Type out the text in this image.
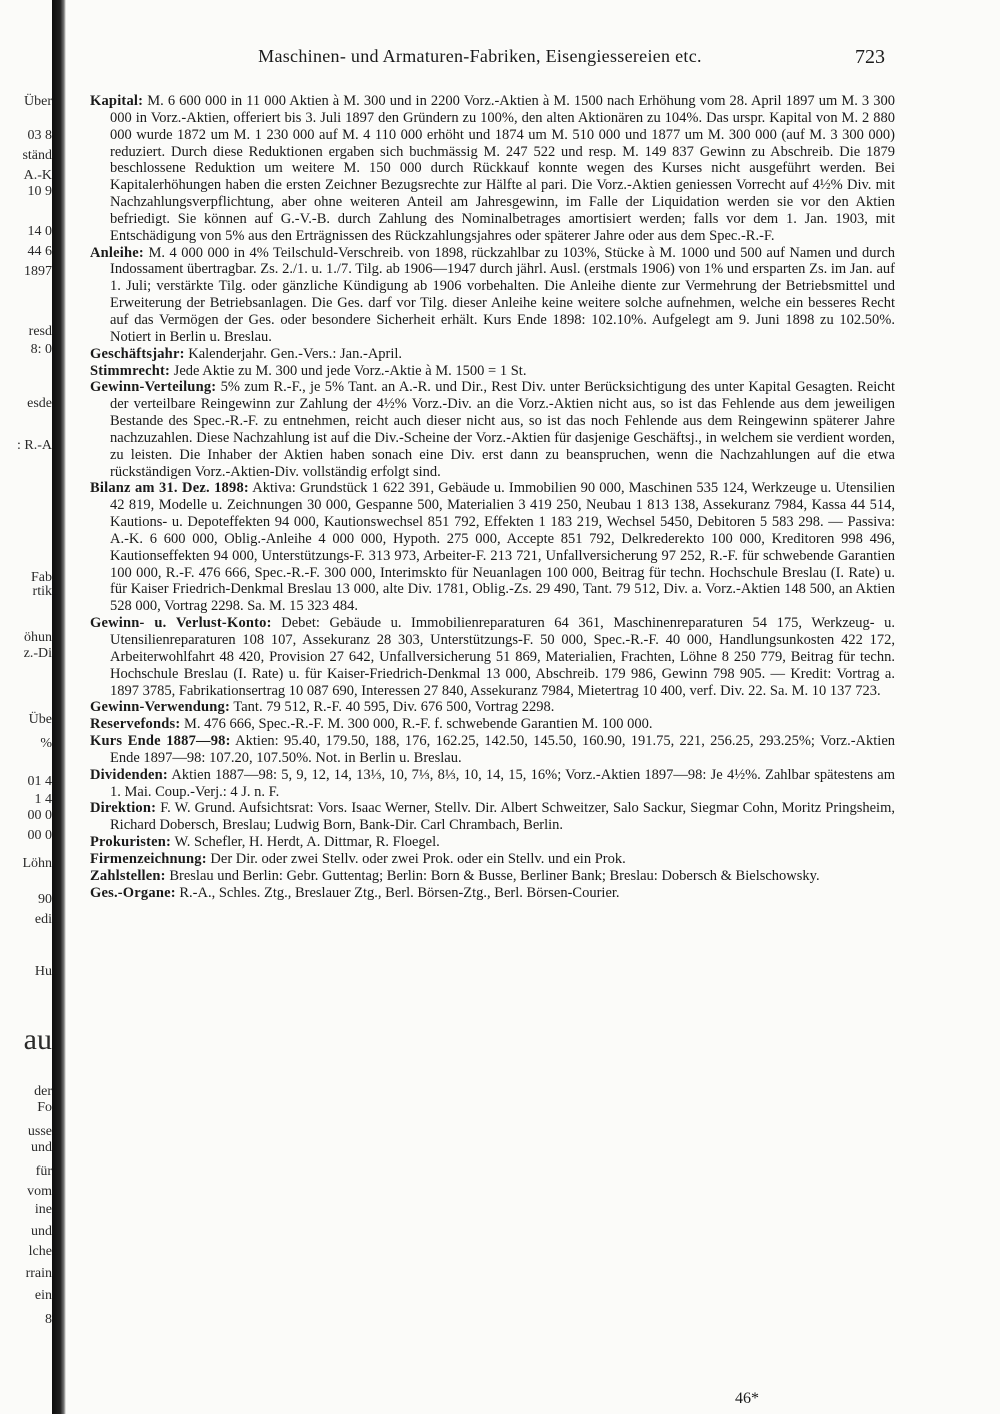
Maschinen- und Armaturen-Fabriken, Eisengiessereien etc.	723
Über
03 8
ständ
A.-K
10 9
14 0
44 6
1897
resd
8: 0
esde
: R.-A
Fab
rtik
öhun
z.-Di
Übe
%
01 4
1 4
00 0
00 0
Löhn
90
edi
Hu
au
der
Fo
usse
und
für
vom
ine
und
lche
rrain
ein
8

Kapital: M. 6 600 000 in 11 000 Aktien à M. 300 und in 2200 Vorz.-Aktien à M. 1500 nach Erhöhung vom 28. April 1897 um M. 3 300 000 in Vorz.-Aktien, offeriert bis 3. Juli 1897 den Gründern zu 100%, den alten Aktionären zu 104%. Das urspr. Kapital von M. 2 880 000 wurde 1872 um M. 1 230 000 auf M. 4 110 000 erhöht und 1874 um M. 510 000 und 1877 um M. 300 000 (auf M. 3 300 000) reduziert. Durch diese Reduktionen ergaben sich buchmässig M. 247 522 und resp. M. 149 837 Gewinn zu Abschreib. Die 1879 beschlossene Reduktion um weitere M. 150 000 durch Rückkauf konnte wegen des Kurses nicht ausgeführt werden. Bei Kapitalerhöhungen haben die ersten Zeichner Bezugsrechte zur Hälfte al pari. Die Vorz.-Aktien geniessen Vorrecht auf 4½% Div. mit Nachzahlungsverpflichtung, aber ohne weiteren Anteil am Jahresgewinn, im Falle der Liquidation werden sie vor den Aktien befriedigt. Sie können auf G.-V.-B. durch Zahlung des Nominalbetrages amortisiert werden; falls vor dem 1. Jan. 1903, mit Entschädigung von 5% aus den Erträgnissen des Rückzahlungsjahres oder späterer Jahre oder aus dem Spec.-R.-F.

Anleihe: M. 4 000 000 in 4% Teilschuld-Verschreib. von 1898, rückzahlbar zu 103%, Stücke à M. 1000 und 500 auf Namen und durch Indossament übertragbar. Zs. 2./1. u. 1./7. Tilg. ab 1906—1947 durch jährl. Ausl. (erstmals 1906) von 1% und ersparten Zs. im Jan. auf 1. Juli; verstärkte Tilg. oder gänzliche Kündigung ab 1906 vorbehalten. Die Anleihe diente zur Vermehrung der Betriebsmittel und Erweiterung der Betriebsanlagen. Die Ges. darf vor Tilg. dieser Anleihe keine weitere solche aufnehmen, welche ein besseres Recht auf das Vermögen der Ges. oder besondere Sicherheit erhält. Kurs Ende 1898: 102.10%. Aufgelegt am 9. Juni 1898 zu 102.50%. Notiert in Berlin u. Breslau.

Geschäftsjahr: Kalenderjahr. Gen.-Vers.: Jan.-April.

Stimmrecht: Jede Aktie zu M. 300 und jede Vorz.-Aktie à M. 1500 = 1 St.

Gewinn-Verteilung: 5% zum R.-F., je 5% Tant. an A.-R. und Dir., Rest Div. unter Berücksichtigung des unter Kapital Gesagten. Reicht der verteilbare Reingewinn zur Zahlung der 4½% Vorz.-Div. an die Vorz.-Aktien nicht aus, so ist das Fehlende aus dem jeweiligen Bestande des Spec.-R.-F. zu entnehmen, reicht auch dieser nicht aus, so ist das noch Fehlende aus dem Reingewinn späterer Jahre nachzuzahlen. Diese Nachzahlung ist auf die Div.-Scheine der Vorz.-Aktien für dasjenige Geschäftsj., in welchem sie verdient worden, zu leisten. Die Inhaber der Aktien haben sonach eine Div. erst dann zu beanspruchen, wenn die Nachzahlungen auf die etwa rückständigen Vorz.-Aktien-Div. vollständig erfolgt sind.

Bilanz am 31. Dez. 1898: Aktiva: Grundstück 1 622 391, Gebäude u. Immobilien 90 000, Maschinen 535 124, Werkzeuge u. Utensilien 42 819, Modelle u. Zeichnungen 30 000, Gespanne 500, Materialien 3 419 250, Neubau 1 813 138, Assekuranz 7984, Kassa 44 514, Kautions- u. Depoteffekten 94 000, Kautionswechsel 851 792, Effekten 1 183 219, Wechsel 5450, Debitoren 5 583 298. — Passiva: A.-K. 6 600 000, Oblig.-Anleihe 4 000 000, Hypoth. 275 000, Accepte 851 792, Delkrederekto 100 000, Kreditoren 998 496, Kautionseffekten 94 000, Unterstützungs-F. 313 973, Arbeiter-F. 213 721, Unfallversicherung 97 252, R.-F. für schwebende Garantien 100 000, R.-F. 476 666, Spec.-R.-F. 300 000, Interimskto für Neuanlagen 100 000, Beitrag für techn. Hochschule Breslau (I. Rate) u. für Kaiser Friedrich-Denkmal Breslau 13 000, alte Div. 1781, Oblig.-Zs. 29 490, Tant. 79 512, Div. a. Vorz.-Aktien 148 500, an Aktien 528 000, Vortrag 2298. Sa. M. 15 323 484.

Gewinn- u. Verlust-Konto: Debet: Gebäude u. Immobilienreparaturen 64 361, Maschinenreparaturen 54 175, Werkzeug- u. Utensilienreparaturen 108 107, Assekuranz 28 303, Unterstützungs-F. 50 000, Spec.-R.-F. 40 000, Handlungsunkosten 422 172, Arbeiterwohlfahrt 48 420, Provision 27 642, Unfallversicherung 51 869, Materialien, Frachten, Löhne 8 250 779, Beitrag für techn. Hochschule Breslau (I. Rate) u. für Kaiser-Friedrich-Denkmal 13 000, Abschreib. 179 986, Gewinn 798 905. — Kredit: Vortrag a. 1897 3785, Fabrikationsertrag 10 087 690, Interessen 27 840, Assekuranz 7984, Mietertrag 10 400, verf. Div. 22. Sa. M. 10 137 723.

Gewinn-Verwendung: Tant. 79 512, R.-F. 40 595, Div. 676 500, Vortrag 2298.

Reservefonds: M. 476 666, Spec.-R.-F. M. 300 000, R.-F. f. schwebende Garantien M. 100 000.

Kurs Ende 1887—98: Aktien: 95.40, 179.50, 188, 176, 162.25, 142.50, 145.50, 160.90, 191.75, 221, 256.25, 293.25%; Vorz.-Aktien Ende 1897—98: 107.20, 107.50%. Not. in Berlin u. Breslau.

Dividenden: Aktien 1887—98: 5, 9, 12, 14, 13⅓, 10, 7⅓, 8⅓, 10, 14, 15, 16%; Vorz.-Aktien 1897—98: Je 4½%. Zahlbar spätestens am 1. Mai. Coup.-Verj.: 4 J. n. F.

Direktion: F. W. Grund. Aufsichtsrat: Vors. Isaac Werner, Stellv. Dir. Albert Schweitzer, Salo Sackur, Siegmar Cohn, Moritz Pringsheim, Richard Dobersch, Breslau; Ludwig Born, Bank-Dir. Carl Chrambach, Berlin.

Prokuristen: W. Schefler, H. Herdt, A. Dittmar, R. Floegel.

Firmenzeichnung: Der Dir. oder zwei Stellv. oder zwei Prok. oder ein Stellv. und ein Prok.

Zahlstellen: Breslau und Berlin: Gebr. Guttentag; Berlin: Born & Busse, Berliner Bank; Breslau: Dobersch & Bielschowsky.

Ges.-Organe: R.-A., Schles. Ztg., Breslauer Ztg., Berl. Börsen-Ztg., Berl. Börsen-Courier.

46*
